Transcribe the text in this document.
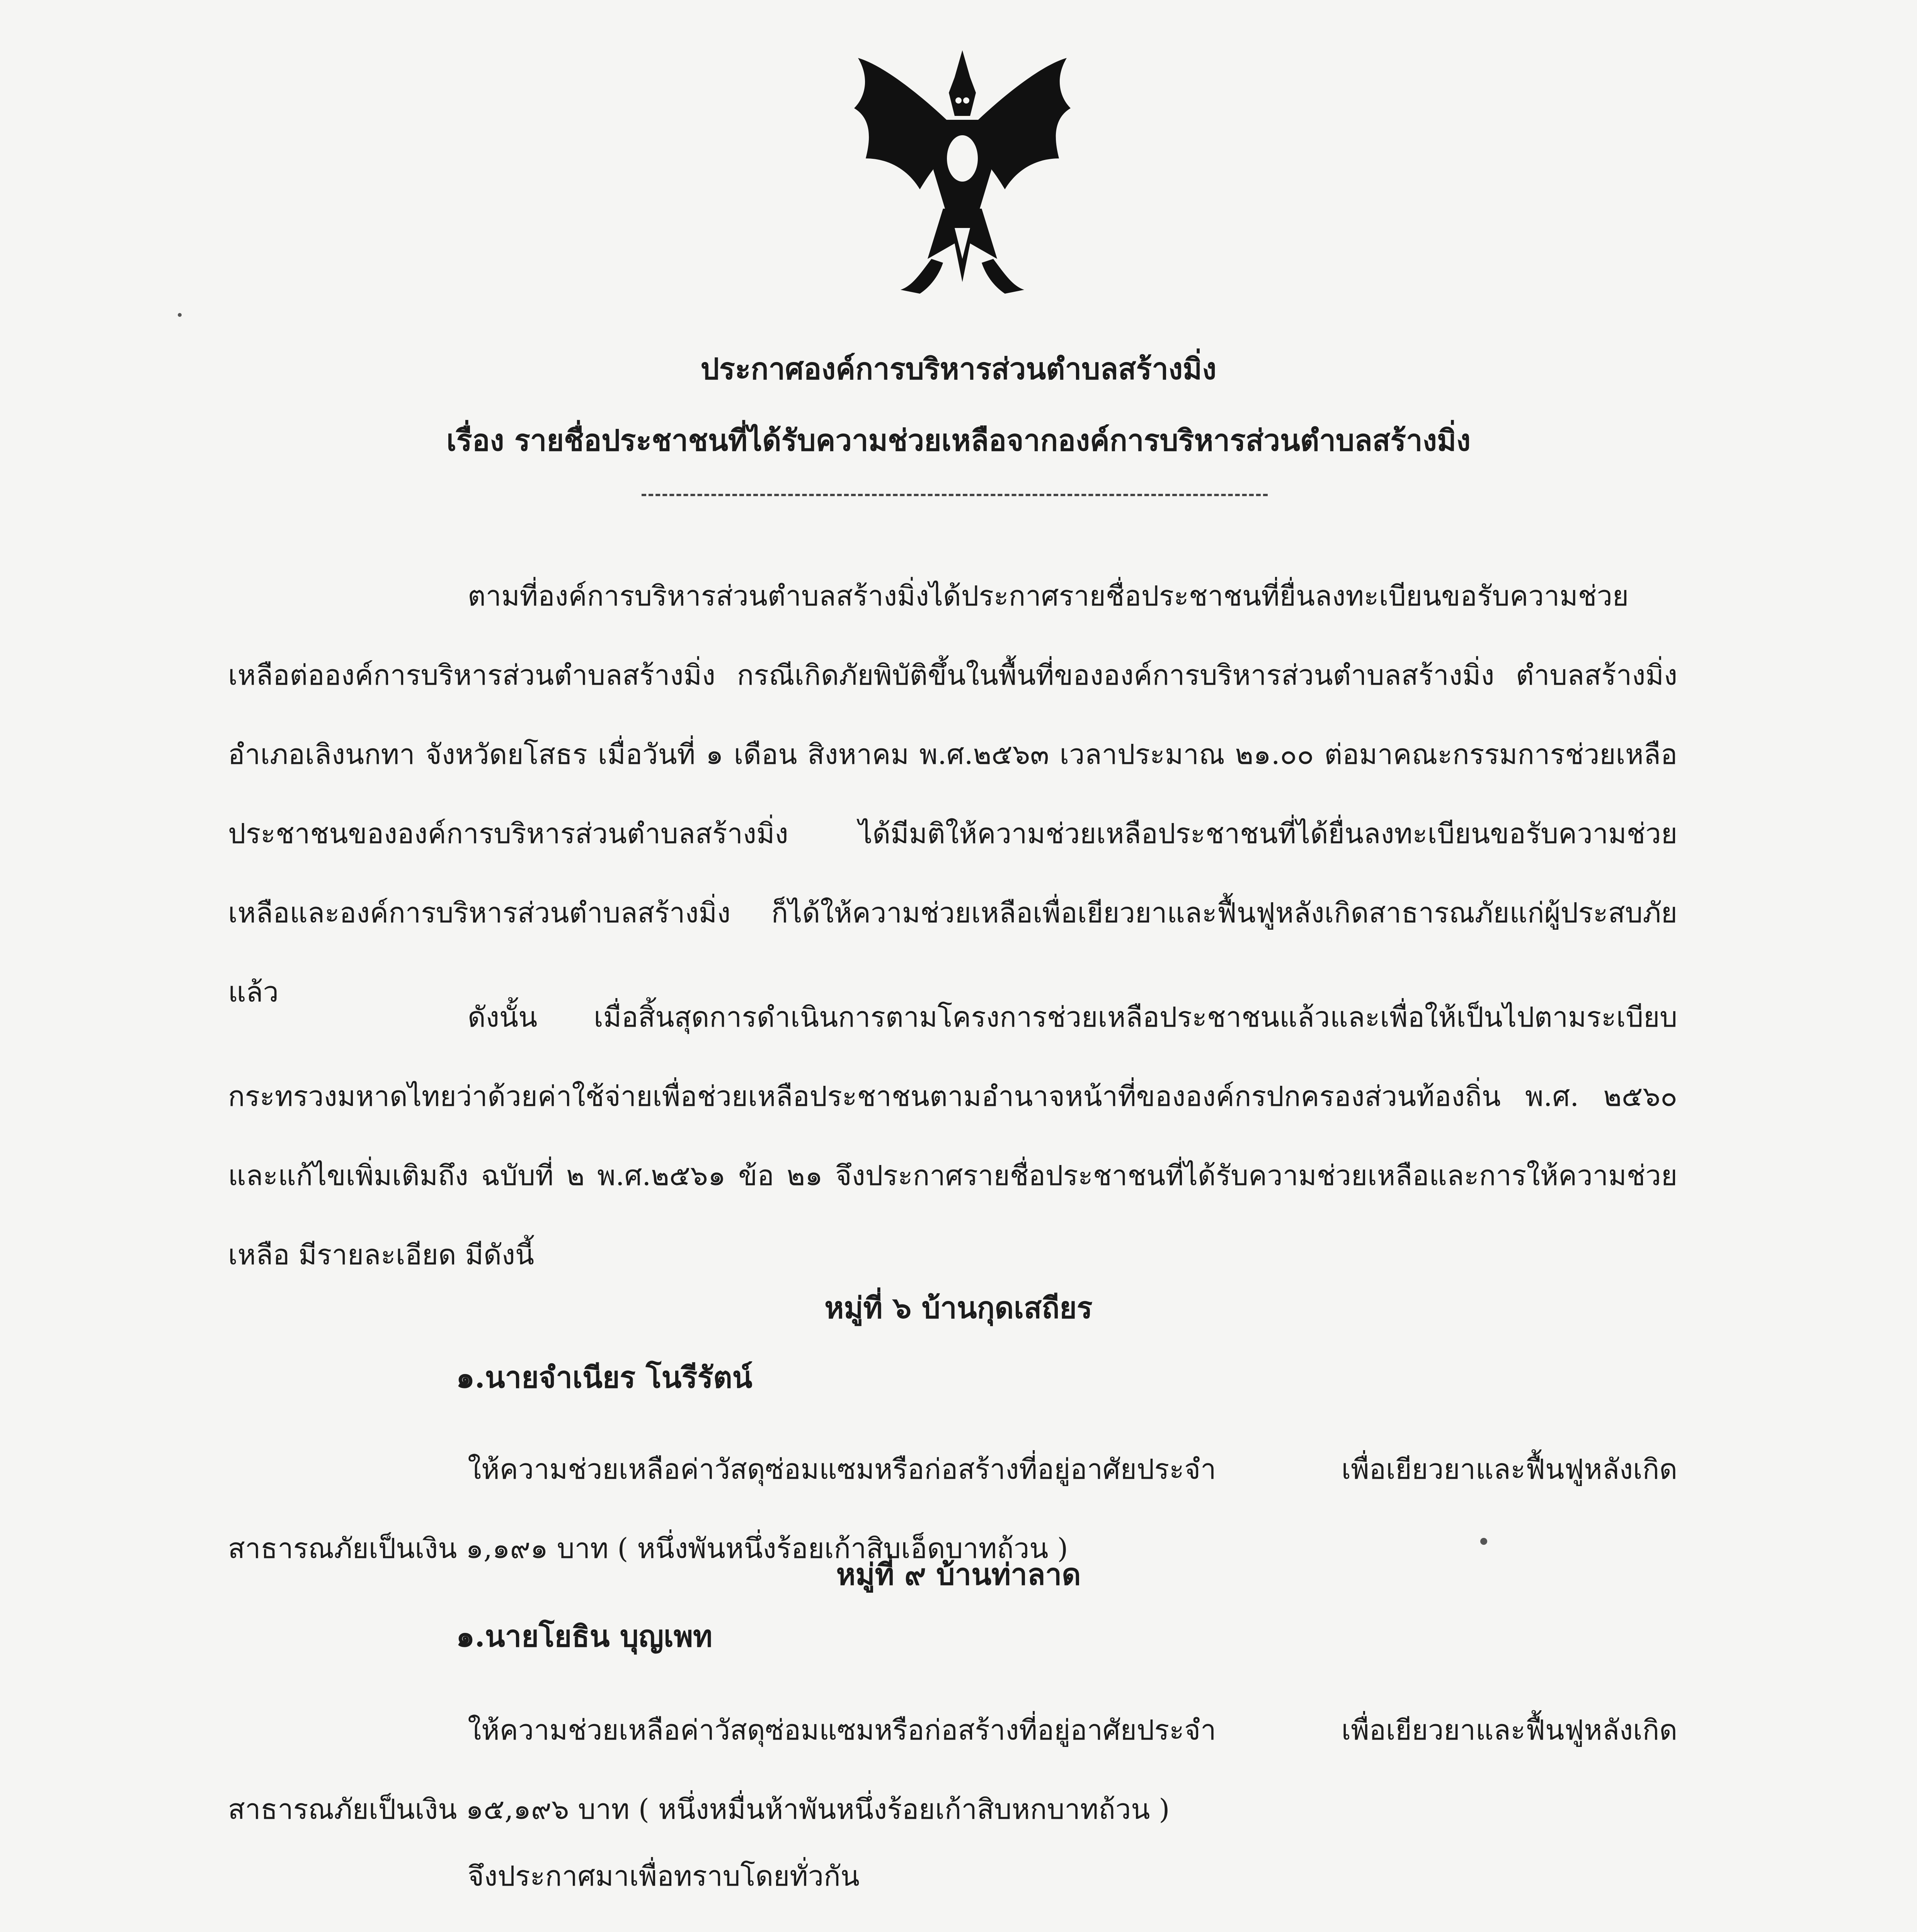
ประกาศองค์การบริหารส่วนตำบลสร้างมิ่ง
เรื่อง รายชื่อประชาชนที่ได้รับความช่วยเหลือจากองค์การบริหารส่วนตำบลสร้างมิ่ง
ตามที่องค์การบริหารส่วนตำบลสร้างมิ่งได้ประกาศรายชื่อประชาชนที่ยื่นลงทะเบียนขอรับความช่วยเหลือต่อองค์การบริหารส่วนตำบลสร้างมิ่ง กรณีเกิดภัยพิบัติขึ้นในพื้นที่ขององค์การบริหารส่วนตำบลสร้างมิ่ง ตำบลสร้างมิ่ง อำเภอเลิงนกทา จังหวัดยโสธร เมื่อวันที่ ๑ เดือน สิงหาคม พ.ศ.๒๕๖๓ เวลาประมาณ ๒๑.๐๐ ต่อมาคณะกรรมการช่วยเหลือประชาชนขององค์การบริหารส่วนตำบลสร้างมิ่ง ได้มีมติให้ความช่วยเหลือประชาชนที่ได้ยื่นลงทะเบียนขอรับความช่วยเหลือและองค์การบริหารส่วนตำบลสร้างมิ่ง ก็ได้ให้ความช่วยเหลือเพื่อเยียวยาและฟื้นฟูหลังเกิดสาธารณภัยแก่ผู้ประสบภัยแล้ว
ดังนั้น เมื่อสิ้นสุดการดำเนินการตามโครงการช่วยเหลือประชาชนแล้วและเพื่อให้เป็นไปตามระเบียบกระทรวงมหาดไทยว่าด้วยค่าใช้จ่ายเพื่อช่วยเหลือประชาชนตามอำนาจหน้าที่ขององค์กรปกครองส่วนท้องถิ่น พ.ศ. ๒๕๖๐ และแก้ไขเพิ่มเติมถึง ฉบับที่ ๒ พ.ศ.๒๕๖๑ ข้อ ๒๑ จึงประกาศรายชื่อประชาชนที่ได้รับความช่วยเหลือและการให้ความช่วยเหลือ มีรายละเอียด มีดังนี้
หมู่ที่ ๖ บ้านกุดเสถียร
๑.นายจำเนียร โนรีรัตน์
ให้ความช่วยเหลือค่าวัสดุซ่อมแซมหรือก่อสร้างที่อยู่อาศัยประจำ เพื่อเยียวยาและฟื้นฟูหลังเกิดสาธารณภัยเป็นเงิน ๑,๑๙๑ บาท ( หนึ่งพันหนึ่งร้อยเก้าสิบเอ็ดบาทถ้วน )
หมู่ที่ ๙ บ้านท่าลาด
๑.นายโยธิน บุญเพท
ให้ความช่วยเหลือค่าวัสดุซ่อมแซมหรือก่อสร้างที่อยู่อาศัยประจำ เพื่อเยียวยาและฟื้นฟูหลังเกิดสาธารณภัยเป็นเงิน ๑๕,๑๙๖ บาท ( หนึ่งหมื่นห้าพันหนึ่งร้อยเก้าสิบหกบาทถ้วน )
จึงประกาศมาเพื่อทราบโดยทั่วกัน
